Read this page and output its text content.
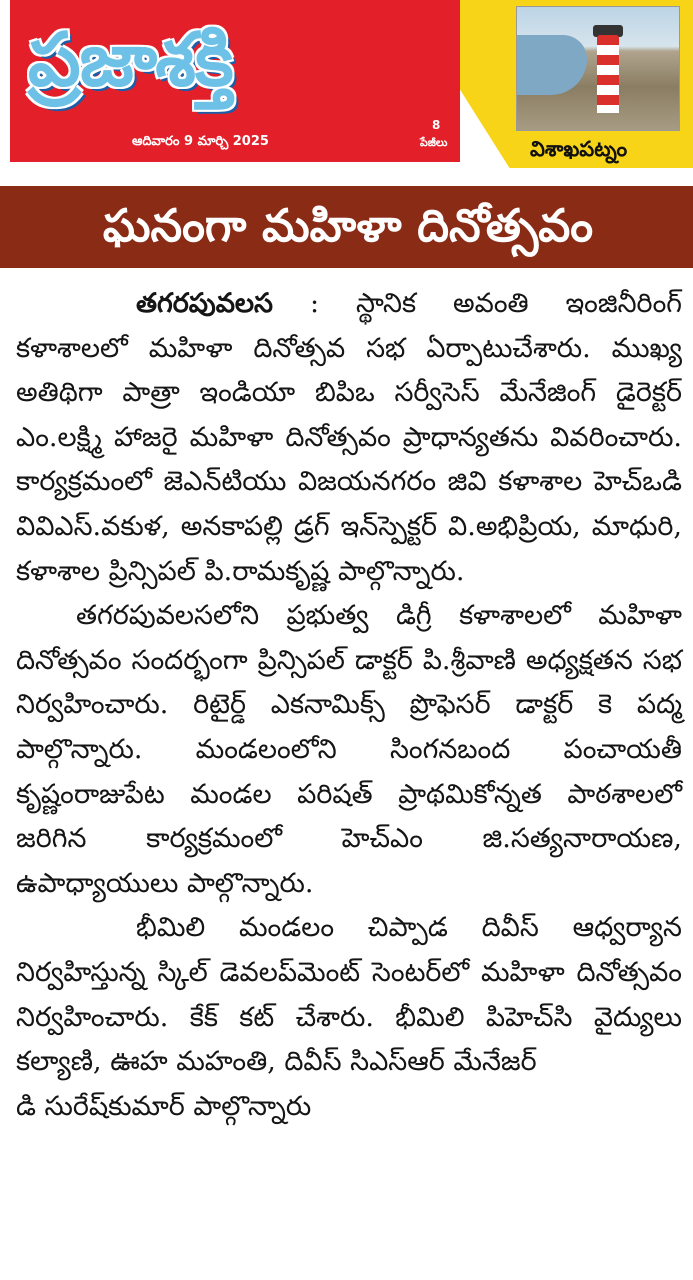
ప్రజాశక్తి
ఆదివారం 9 మార్చి 2025
8
పేజీలు	విశాఖపట్నం
ఘనంగా మహిళా దినోత్సవం

తగరపువలస : స్థానిక అవంతి ఇంజినీరింగ్ కళాశాలలో మహిళా దినోత్సవ సభ ఏర్పాటుచేశారు. ముఖ్య అతిథిగా పాత్రా ఇండియా బిపిఒ సర్వీసెస్ మేనేజింగ్ డైరెక్టర్ ఎం.లక్ష్మి హాజరై మహిళా దినోత్సవం ప్రాధాన్యతను వివరించారు. కార్యక్రమంలో జెఎన్‌టియు విజయనగరం జివి కళాశాల హెచ్‌ఒడి వివిఎస్.వకుళ, అనకాపల్లి డ్రగ్ ఇన్‌స్పెక్టర్ వి.అభిప్రియ, మాధురి, కళాశాల ప్రిన్సిపల్ పి.రామకృష్ణ పాల్గొన్నారు.

తగరపువలసలోని ప్రభుత్వ డిగ్రీ కళాశాలలో మహిళా దినోత్సవం సందర్భంగా ప్రిన్సిపల్ డాక్టర్ పి.శ్రీవాణి అధ్యక్షతన సభ నిర్వహించారు. రిటైర్డ్ ఎకనామిక్స్ ప్రొఫెసర్ డాక్టర్ కె పద్మ పాల్గొన్నారు. మండలంలోని సింగనబంద పంచాయతీ కృష్ణంరాజుపేట మండల పరిషత్ ప్రాథమికోన్నత పాఠశాలలో జరిగిన కార్యక్రమంలో హెచ్‌ఎం జి.సత్యనారాయణ, ఉపాధ్యాయులు పాల్గొన్నారు.

భీమిలి మండలం చిప్పాడ దివీస్ ఆధ్వర్యాన నిర్వహిస్తున్న స్కిల్ డెవలప్‌మెంట్ సెంటర్‌లో మహిళా దినోత్సవం నిర్వహించారు. కేక్ కట్ చేశారు. భీమిలి పిహెచ్‌సి వైద్యులు కల్యాణి, ఊహ మహంతి, దివీస్ సిఎస్ఆర్ మేనేజర్

డి సురేష్‌కుమార్ పాల్గొన్నారు
